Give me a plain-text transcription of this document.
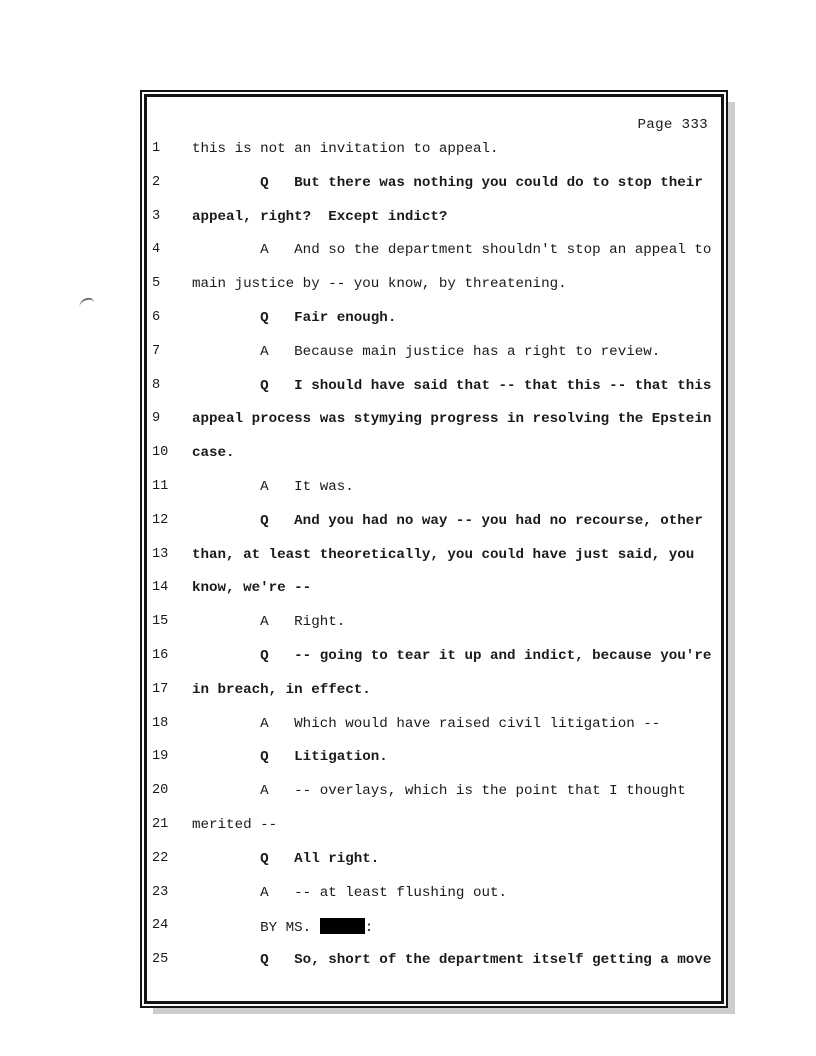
Page 333
1	this is not an invitation to appeal.
2	Q   But there was nothing you could do to stop their
3	appeal, right?  Except indict?
4	A   And so the department shouldn't stop an appeal to
5	main justice by -- you know, by threatening.
6	Q   Fair enough.
7	A   Because main justice has a right to review.
8	Q   I should have said that -- that this -- that this
9	appeal process was stymying progress in resolving the Epstein
10	case.
11	A   It was.
12	Q   And you had no way -- you had no recourse, other
13	than, at least theoretically, you could have just said, you
14	know, we're --
15	A   Right.
16	Q   -- going to tear it up and indict, because you're
17	in breach, in effect.
18	A   Which would have raised civil litigation --
19	Q   Litigation.
20	A   -- overlays, which is the point that I thought
21	merited --
22	Q   All right.
23	A   -- at least flushing out.
24	BY MS.	:
25	Q   So, short of the department itself getting a move
